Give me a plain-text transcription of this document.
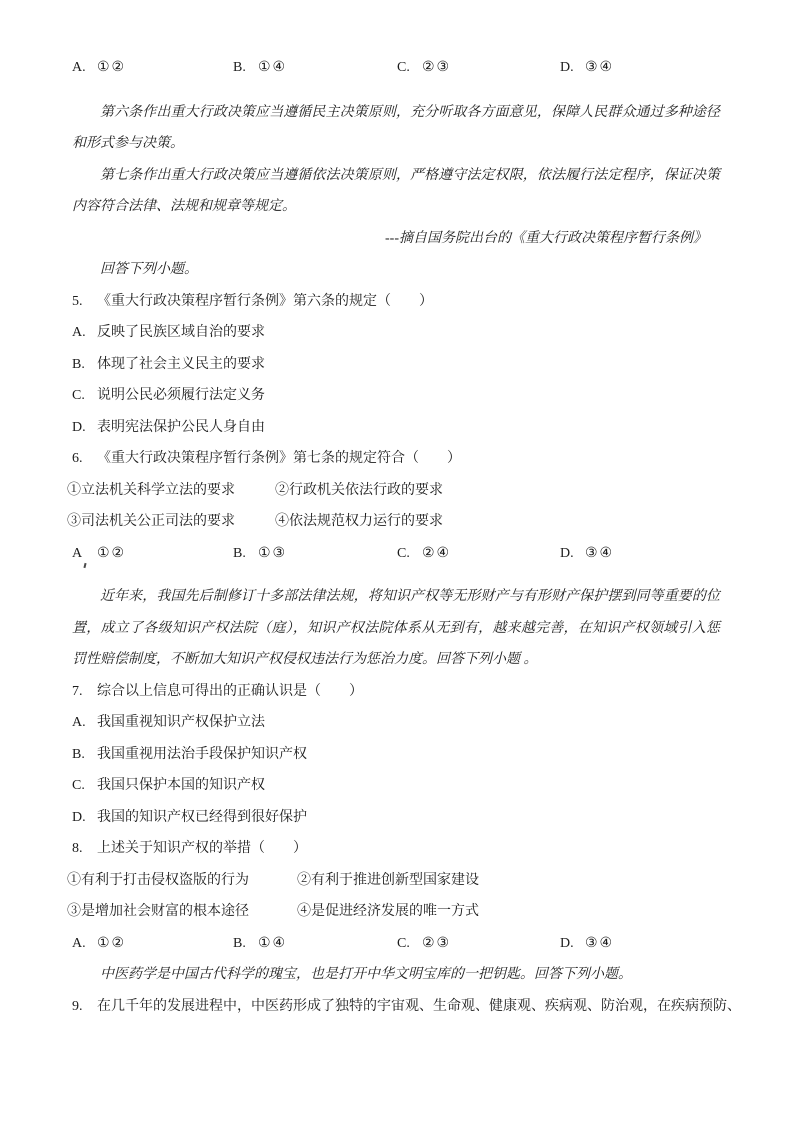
A. ①②	B. ①④	C. ②③	D. ③④

第六条作出重大行政决策应当遵循民主决策原则，充分听取各方面意见，保障人民群众通过多种途径和形式参与决策。

第七条作出重大行政决策应当遵循依法决策原则，严格遵守法定权限，依法履行法定程序，保证决策内容符合法律、法规和规章等规定。

---摘自国务院出台的《重大行政决策程序暂行条例》

回答下列小题。

5. 《重大行政决策程序暂行条例》第六条的规定（　　）
A. 反映了民族区域自治的要求
B. 体现了社会主义民主的要求
C. 说明公民必须履行法定义务
D. 表明宪法保护公民人身自由
6. 《重大行政决策程序暂行条例》第七条的规定符合（　　）
①立法机关科学立法的要求	②行政机关依法行政的要求
③司法机关公正司法的要求	④依法规范权力运行的要求
A ①②	B. ①③	C. ②④	D. ③④

近年来，我国先后制修订十多部法律法规，将知识产权等无形财产与有形财产保护摆到同等重要的位置，成立了各级知识产权法院（庭），知识产权法院体系从无到有，越来越完善，在知识产权领域引入惩罚性赔偿制度，不断加大知识产权侵权违法行为惩治力度。回答下列小题 。

7. 综合以上信息可得出的正确认识是（　　）
A. 我国重视知识产权保护立法
B. 我国重视用法治手段保护知识产权
C. 我国只保护本国的知识产权
D. 我国的知识产权已经得到很好保护
8. 上述关于知识产权的举措（　　）
①有利于打击侵权盗版的行为	②有利于推进创新型国家建设
③是增加社会财富的根本途径	④是促进经济发展的唯一方式
A. ①②	B. ①④	C. ②③	D. ③④

中医药学是中国古代科学的瑰宝，也是打开中华文明宝库的一把钥匙。回答下列小题。

9. 在几千年的发展进程中，中医药形成了独特的宇宙观、生命观、健康观、疾病观、防治观，在疾病预防、
